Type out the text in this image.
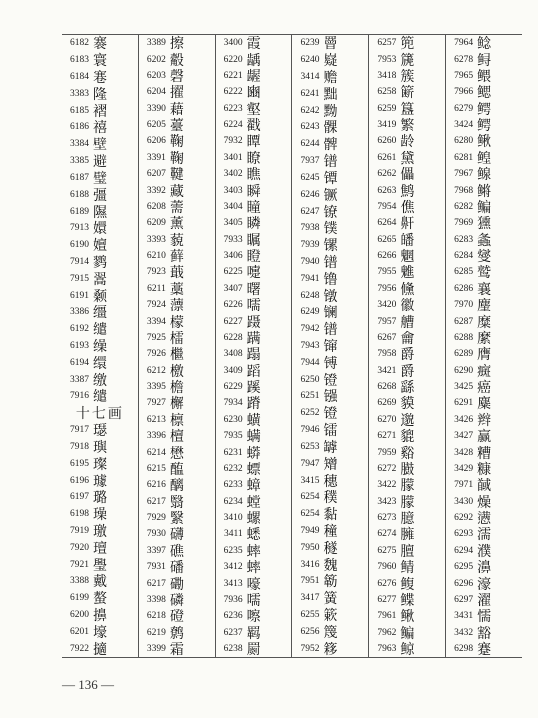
6182 褰
6183 寰
6184 寋
3383 隆
6185 褶
6186 禧
3384 壁
3385 避
6187 璧
6188 彊
6189 隰
7913 嬛
6190 嬗
7914 鹨
7915 翯
6191 颡
3386 缰
6192 缱
6193 缲
6194 缳
3387 缴
7916 缱
十七画
7917 璱
7918 璵
6195 璨
6196 璩
6197 璐
6198 璪
7919 璬
7920 璮
7921 璺
3388 戴
6199 螯
6200 擤
6201 壕
7922 擿
3389 擦
6202 觳
6203 磬
6204 擢
3390 藉
6205 薹
6206 鞠
3391 鞠
6207 鞬
3392 藏
6208 薷
6209 薰
3393 藐
6210 藓
7923 蕺
6211 藁
7924 薸
3394 檬
7925 檑
7926 檵
6212 檄
3395 檐
7927 檞
6213 檩
3396 檀
6214 懋
6215 醢
6216 醨
6217 翳
7929 繄
7930 礴
3397 礁
7931 磻
6217 磡
3398 磷
6218 磴
6219 鹩
3399 霜
3400 霞
6220 龋
6221 龌
6222 豳
6223 壑
6224 戳
7932 瞫
3401 瞭
3402 瞧
3403 瞬
3404 瞳
3405 瞵
7933 瞩
3406 瞪
6225 嚏
3407 曙
6226 嚅
6227 蹑
6228 蹒
3408 蹋
3409 蹈
6229 蹊
7934 蹐
6230 蟥
7935 螨
6231 蟒
6232 螵
6233 蟑
6234 螳
3410 螺
3411 蟋
6235 蟀
3412 蟀
3413 嚎
7936 嚅
6236 嚓
6237 羁
6238 罽
6239 罾
6240 嶷
3414 赡
6241 黜
6242 黝
6243 髁
6244 髀
7937 镨
6245 镡
6246 镢
6247 镣
7938 镤
7939 镙
7940 镨
7941 镥
6248 镦
6249 镧
7942 镨
7943 镩
7944 镈
6250 镫
6251 镪
6252 镫
7946 镭
6253 罅
7947 矰
3415 穗
6254 穙
6254 黏
7949 穜
7950 穟
3416 魏
7951 簕
3417 簧
6255 簌
6256 篾
7952 簃
6257 篼
7953 篪
3418 簇
6258 簖
6259 簋
3419 繁
6260 龄
6261 黛
6262 儡
6263 鹪
7954 僬
6264 鼾
6265 皤
6266 魍
7955 魋
7956 儵
3420 徽
7957 艚
6267 龠
7958 爵
3421 爵
6268 繇
6269 貘
6270 邈
6271 貔
7959 谿
6272 臌
3422 朦
3423 朦
6273 臆
6274 臃
6275 膻
7960 鲭
6276 鳆
6277 鲽
7961 鳅
7962 鳊
7963 鲸
7964 鲶
6278 鲟
7965 鳂
7966 鳃
6279 鳄
3424 鳄
6280 鳅
6281 鳇
7967 鳈
7968 鳉
6282 鳊
7969 獯
6283 螽
6284 燮
6285 鹫
6286 襄
7970 麈
6287 糜
6288 縻
6289 膺
6290 癍
3425 癌
6291 麋
3426 辫
3427 赢
3428 糟
3429 糠
7971 馘
3430 燥
6292 懑
6293 濡
6294 濮
6295 濞
6296 濠
6297 濯
3431 懦
3432 豁
6298 蹇
— 136 —
